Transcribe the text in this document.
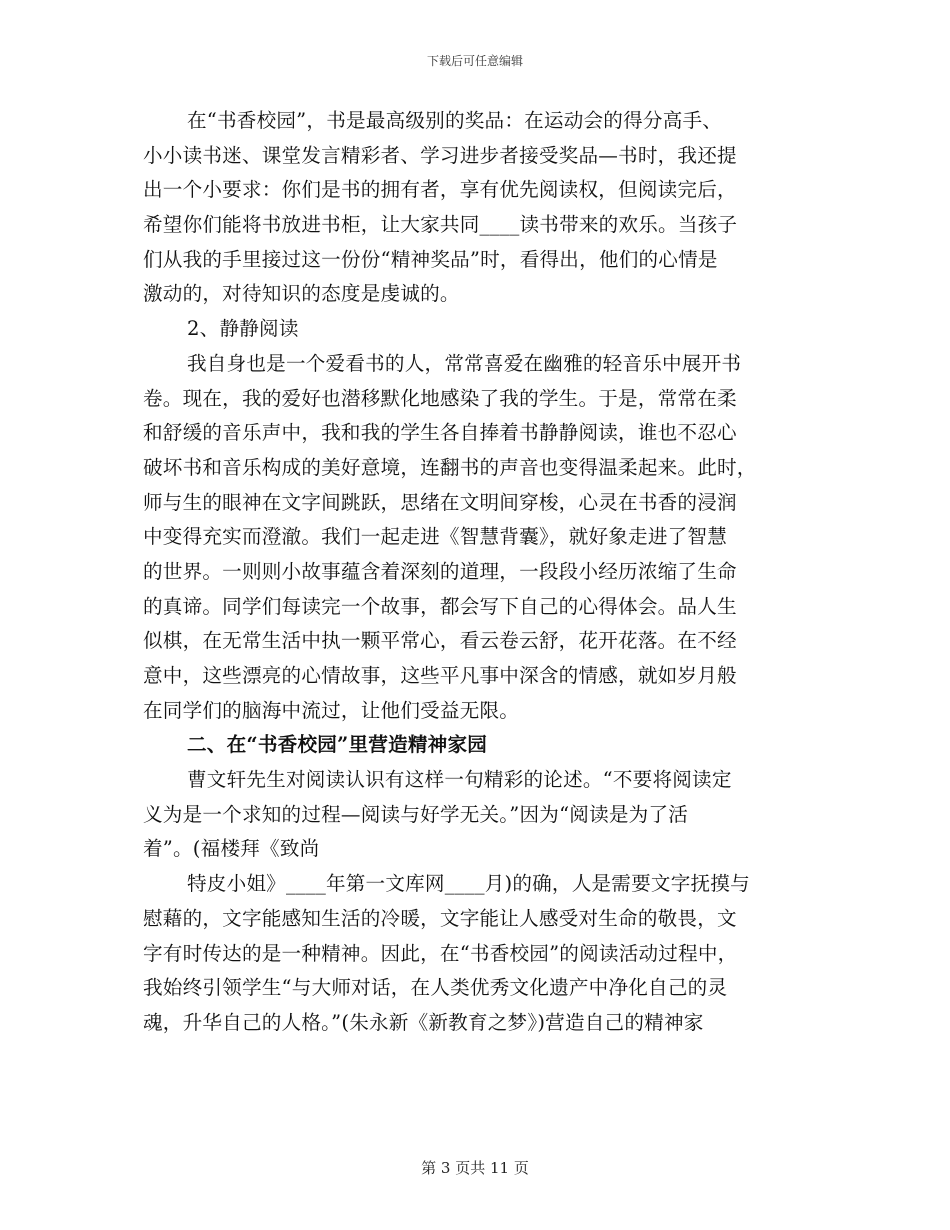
下载后可任意编辑
在“书香校园”，书是最高级别的奖品：在运动会的得分高手、
小小读书迷、课堂发言精彩者、学习进步者接受奖品—书时，我还提
出一个小要求：你们是书的拥有者，享有优先阅读权，但阅读完后，
希望你们能将书放进书柜，让大家共同____读书带来的欢乐。当孩子
们从我的手里接过这一份份“精神奖品”时，看得出，他们的心情是
激动的，对待知识的态度是虔诚的。
2、静静阅读
我自身也是一个爱看书的人，常常喜爱在幽雅的轻音乐中展开书
卷。现在，我的爱好也潜移默化地感染了我的学生。于是，常常在柔
和舒缓的音乐声中，我和我的学生各自捧着书静静阅读，谁也不忍心
破坏书和音乐构成的美好意境，连翻书的声音也变得温柔起来。此时，
师与生的眼神在文字间跳跃，思绪在文明间穿梭，心灵在书香的浸润
中变得充实而澄澈。我们一起走进《智慧背囊》，就好象走进了智慧
的世界。一则则小故事蕴含着深刻的道理，一段段小经历浓缩了生命
的真谛。同学们每读完一个故事，都会写下自己的心得体会。品人生
似棋，在无常生活中执一颗平常心，看云卷云舒，花开花落。在不经
意中，这些漂亮的心情故事，这些平凡事中深含的情感，就如岁月般
在同学们的脑海中流过，让他们受益无限。
二、在“书香校园”里营造精神家园
曹文轩先生对阅读认识有这样一句精彩的论述。“不要将阅读定
义为是一个求知的过程—阅读与好学无关。”因为“阅读是为了活
着”。(福楼拜《致尚
特皮小姐》____年第一文库网____月)的确，人是需要文字抚摸与
慰藉的，文字能感知生活的冷暖，文字能让人感受对生命的敬畏，文
字有时传达的是一种精神。因此，在“书香校园”的阅读活动过程中，
我始终引领学生“与大师对话，在人类优秀文化遗产中净化自己的灵
魂，升华自己的人格。”(朱永新《新教育之梦》)营造自己的精神家
第 3 页共 11 页
